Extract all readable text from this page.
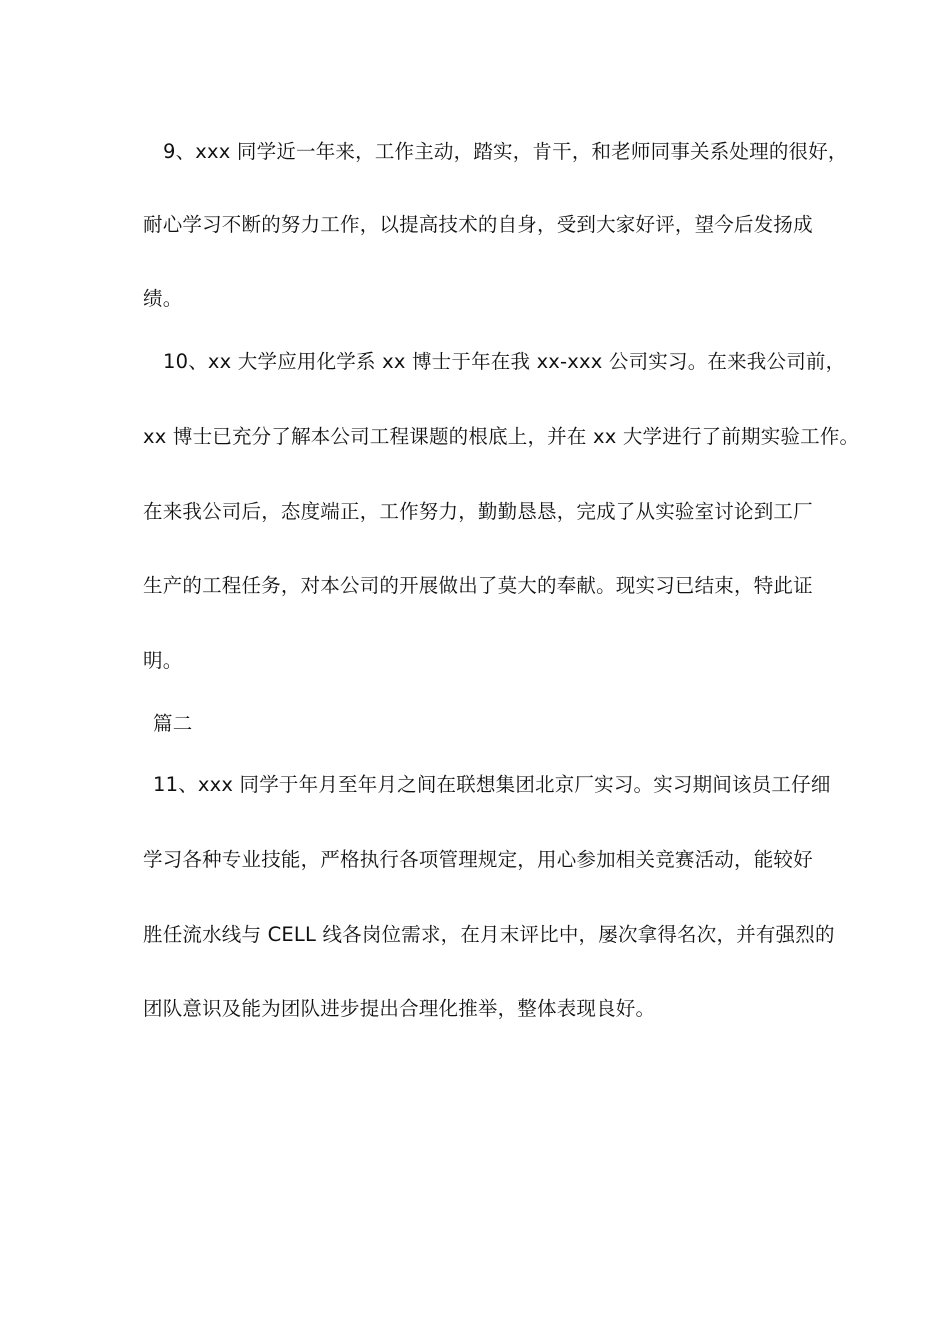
9、xxx 同学近一年来，工作主动，踏实，肯干，和老师同事关系处理的很好，
耐心学习不断的努力工作，以提高技术的自身，受到大家好评，望今后发扬成
绩。
10、xx 大学应用化学系 xx 博士于年在我 xx-xxx 公司实习。在来我公司前，
xx 博士已充分了解本公司工程课题的根底上，并在 xx 大学进行了前期实验工作。
在来我公司后，态度端正，工作努力，勤勤恳恳，完成了从实验室讨论到工厂
生产的工程任务，对本公司的开展做出了莫大的奉献。现实习已结束，特此证
明。
篇二
11、xxx 同学于年月至年月之间在联想集团北京厂实习。实习期间该员工仔细
学习各种专业技能，严格执行各项管理规定，用心参加相关竞赛活动，能较好
胜任流水线与 CELL 线各岗位需求，在月末评比中，屡次拿得名次，并有强烈的
团队意识及能为团队进步提出合理化推举，整体表现良好。
